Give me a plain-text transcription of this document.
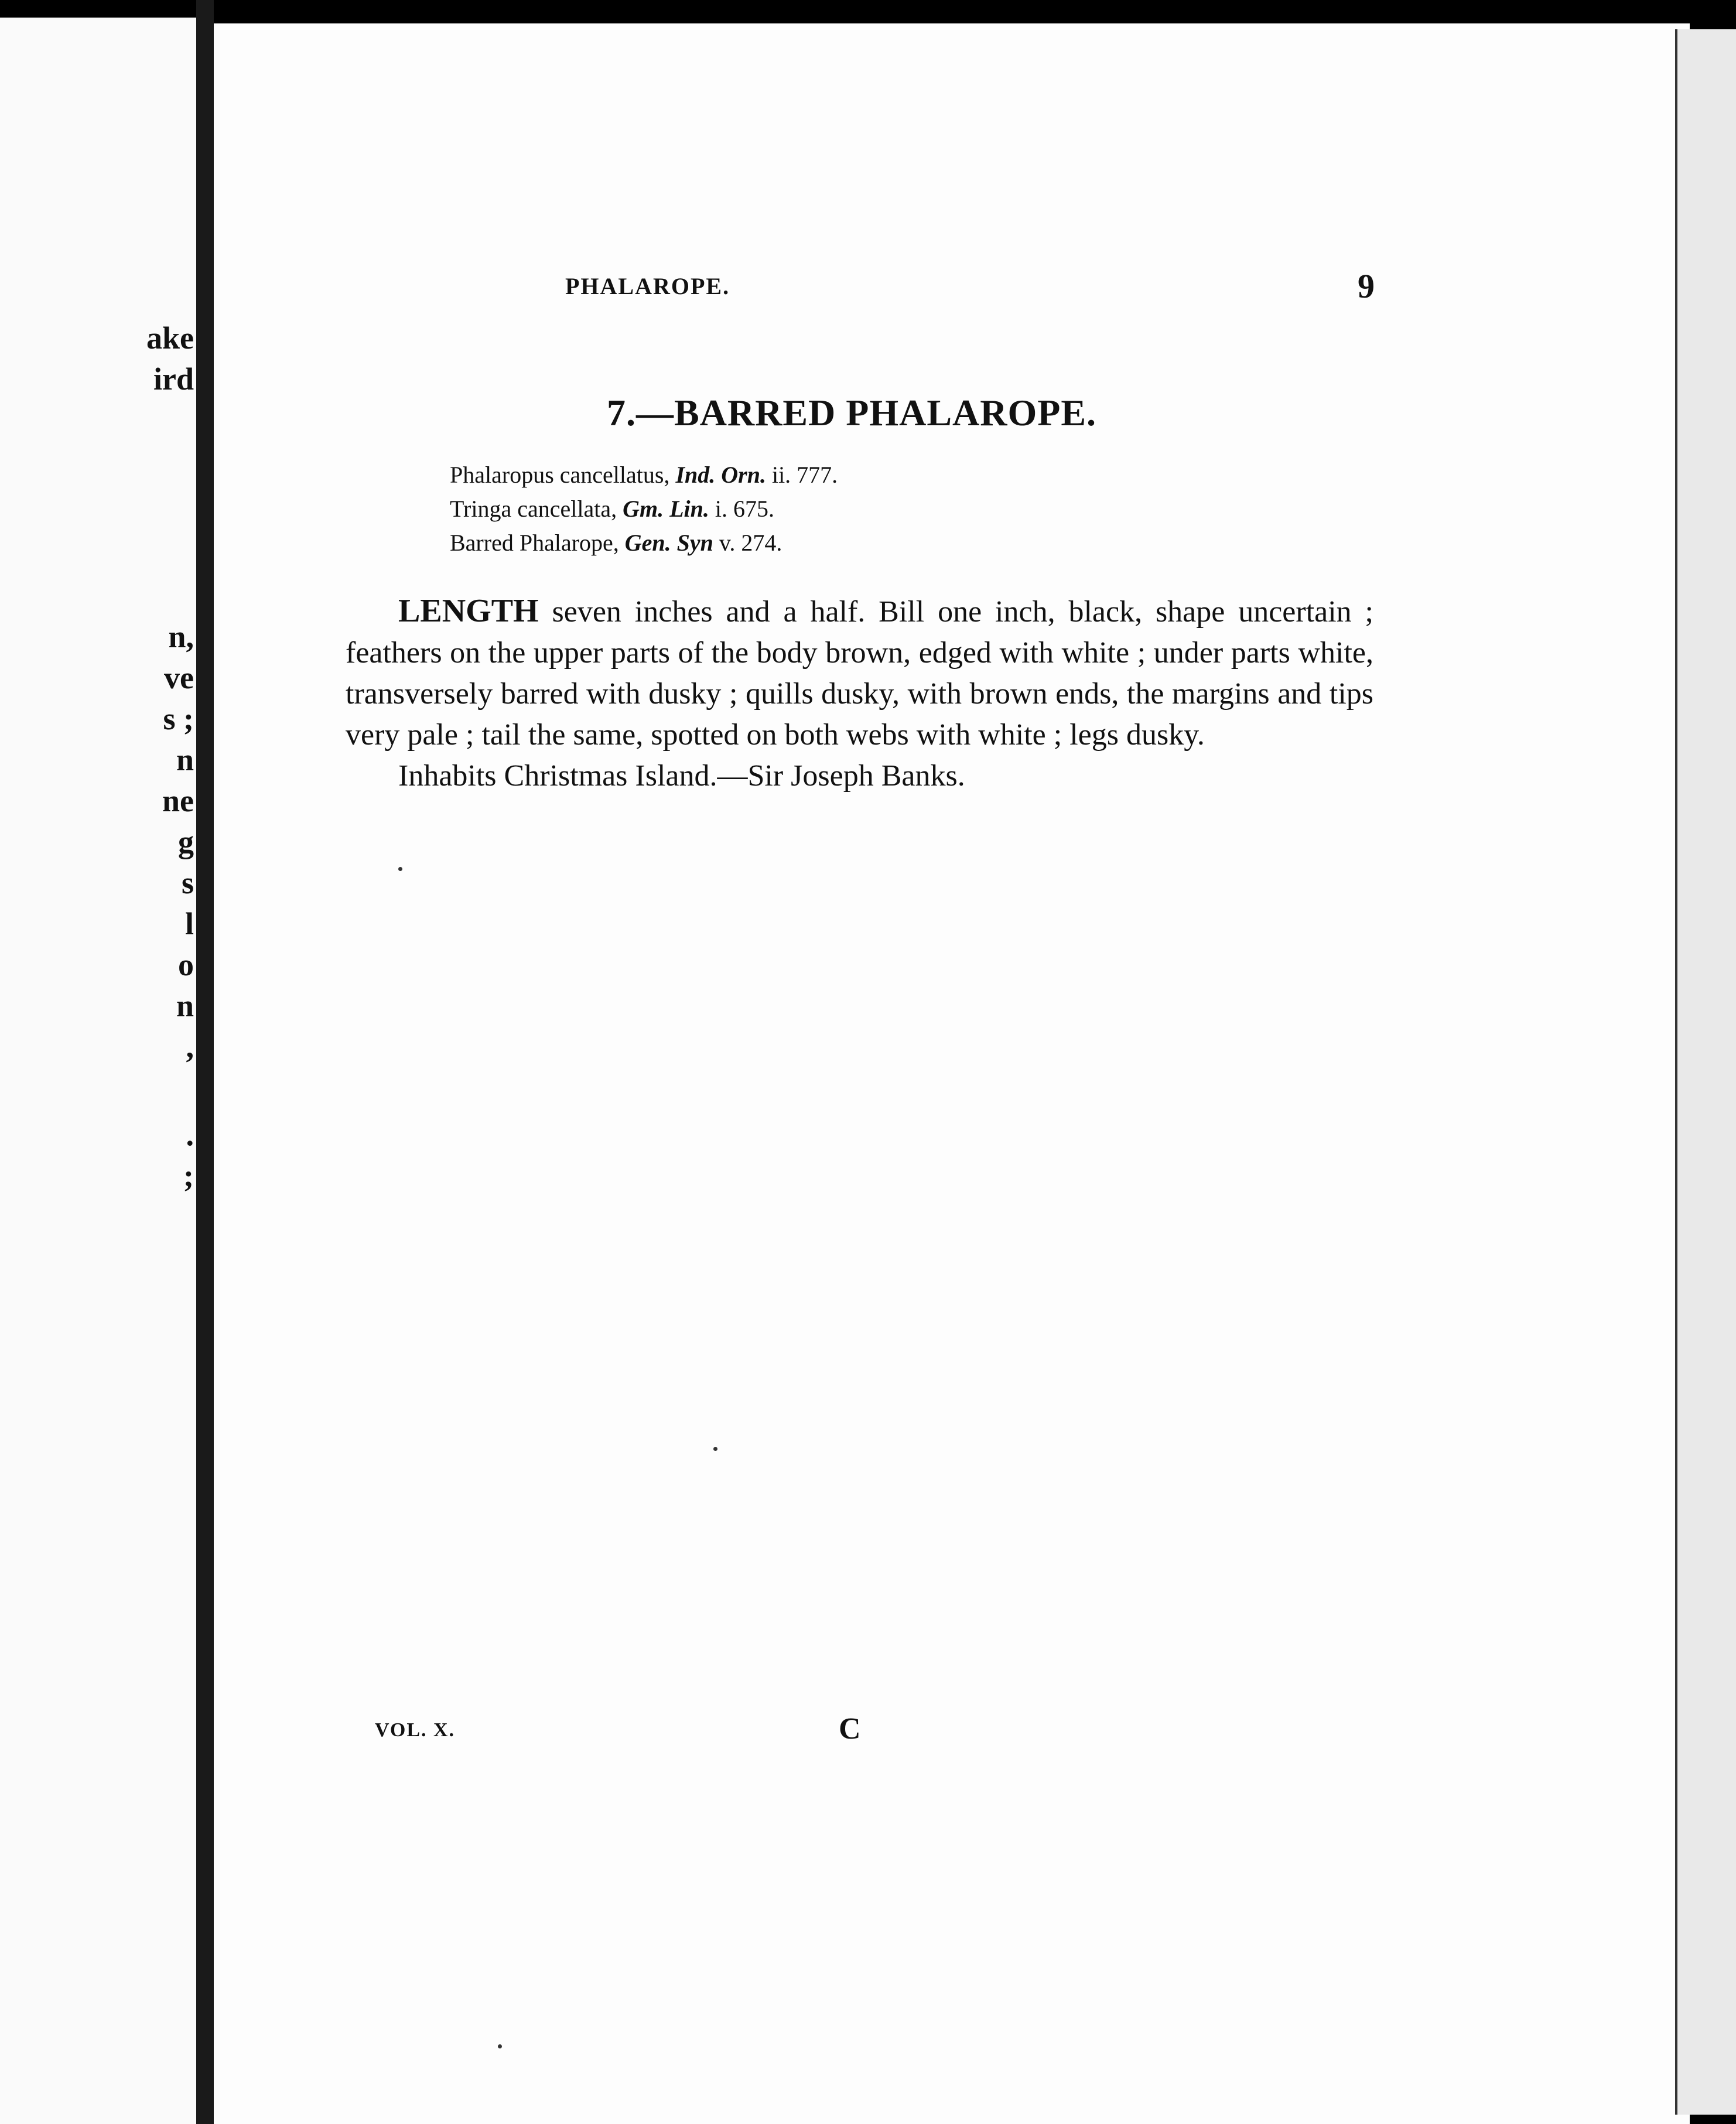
ake
ird
n,
ve
s ;
n
ne
g
s
l
o
n
,
.
;
PHALAROPE.	9
7.—BARRED PHALAROPE.
Phalaropus cancellatus, Ind. Orn. ii. 777.
Tringa cancellata, Gm. Lin. i. 675.
Barred Phalarope, Gen. Syn v. 274.

LENGTH seven inches and a half. Bill one inch, black, shape uncertain ; feathers on the upper parts of the body brown, edged with white ; under parts white, transversely barred with dusky ; quills dusky, with brown ends, the margins and tips very pale ; tail the same, spotted on both webs with white ; legs dusky.

Inhabits Christmas Island.—Sir Joseph Banks.

VOL. X.	C
